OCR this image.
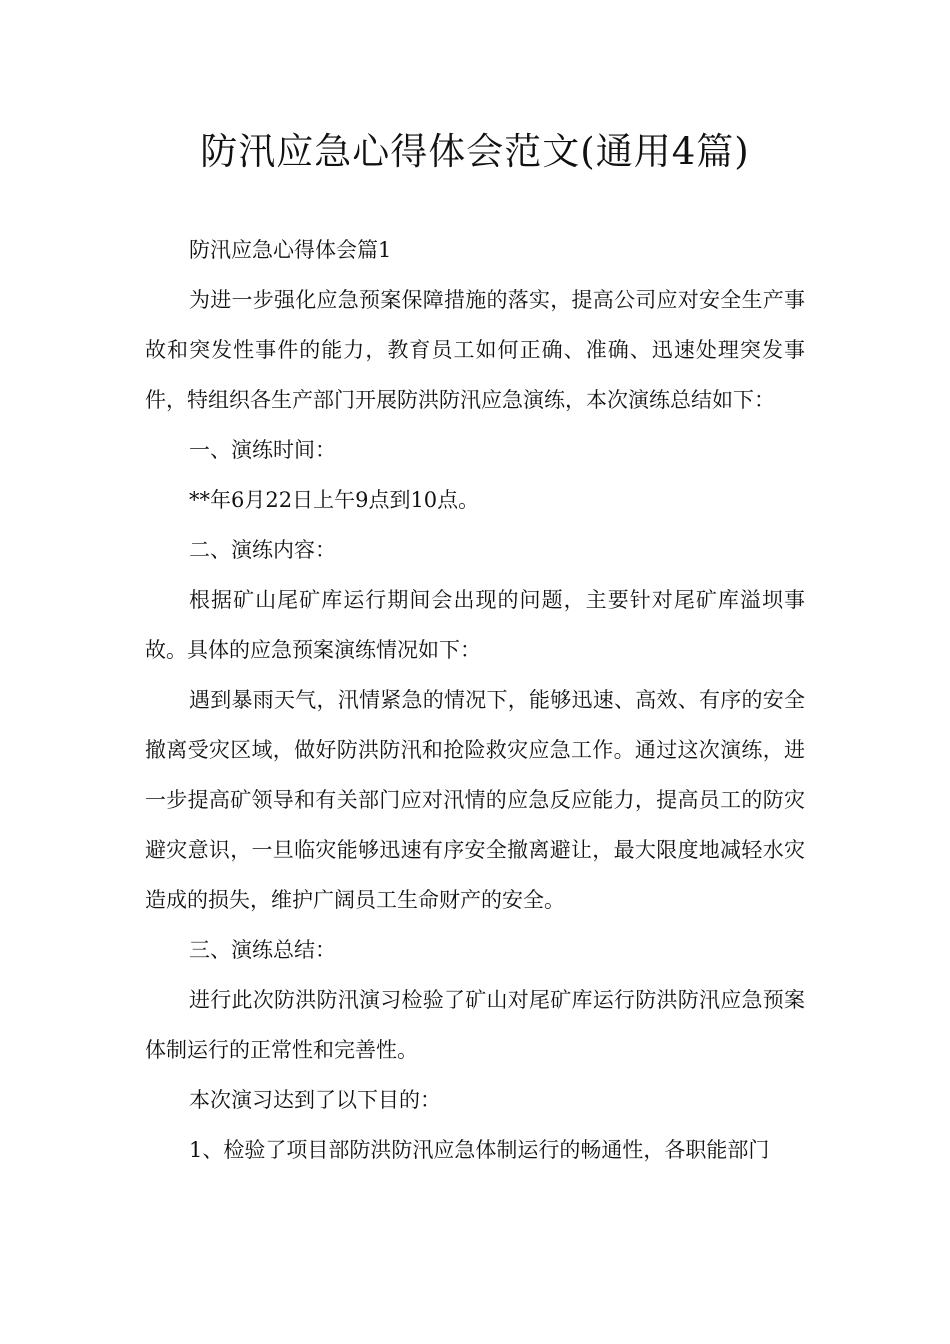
防汛应急心得体会范文(通用4篇)

防汛应急心得体会篇1

为进一步强化应急预案保障措施的落实，提高公司应对安全生产事故和突发性事件的能力，教育员工如何正确、准确、迅速处理突发事件，特组织各生产部门开展防洪防汛应急演练，本次演练总结如下：

一、演练时间：

**年6月22日上午9点到10点。

二、演练内容：

根据矿山尾矿库运行期间会出现的问题，主要针对尾矿库溢坝事故。具体的应急预案演练情况如下：

遇到暴雨天气，汛情紧急的情况下，能够迅速、高效、有序的安全撤离受灾区域，做好防洪防汛和抢险救灾应急工作。通过这次演练，进一步提高矿领导和有关部门应对汛情的应急反应能力，提高员工的防灾避灾意识，一旦临灾能够迅速有序安全撤离避让，最大限度地减轻水灾造成的损失，维护广阔员工生命财产的安全。

三、演练总结：

进行此次防洪防汛演习检验了矿山对尾矿库运行防洪防汛应急预案体制运行的正常性和完善性。

本次演习达到了以下目的：

1、检验了项目部防洪防汛应急体制运行的畅通性，各职能部门
